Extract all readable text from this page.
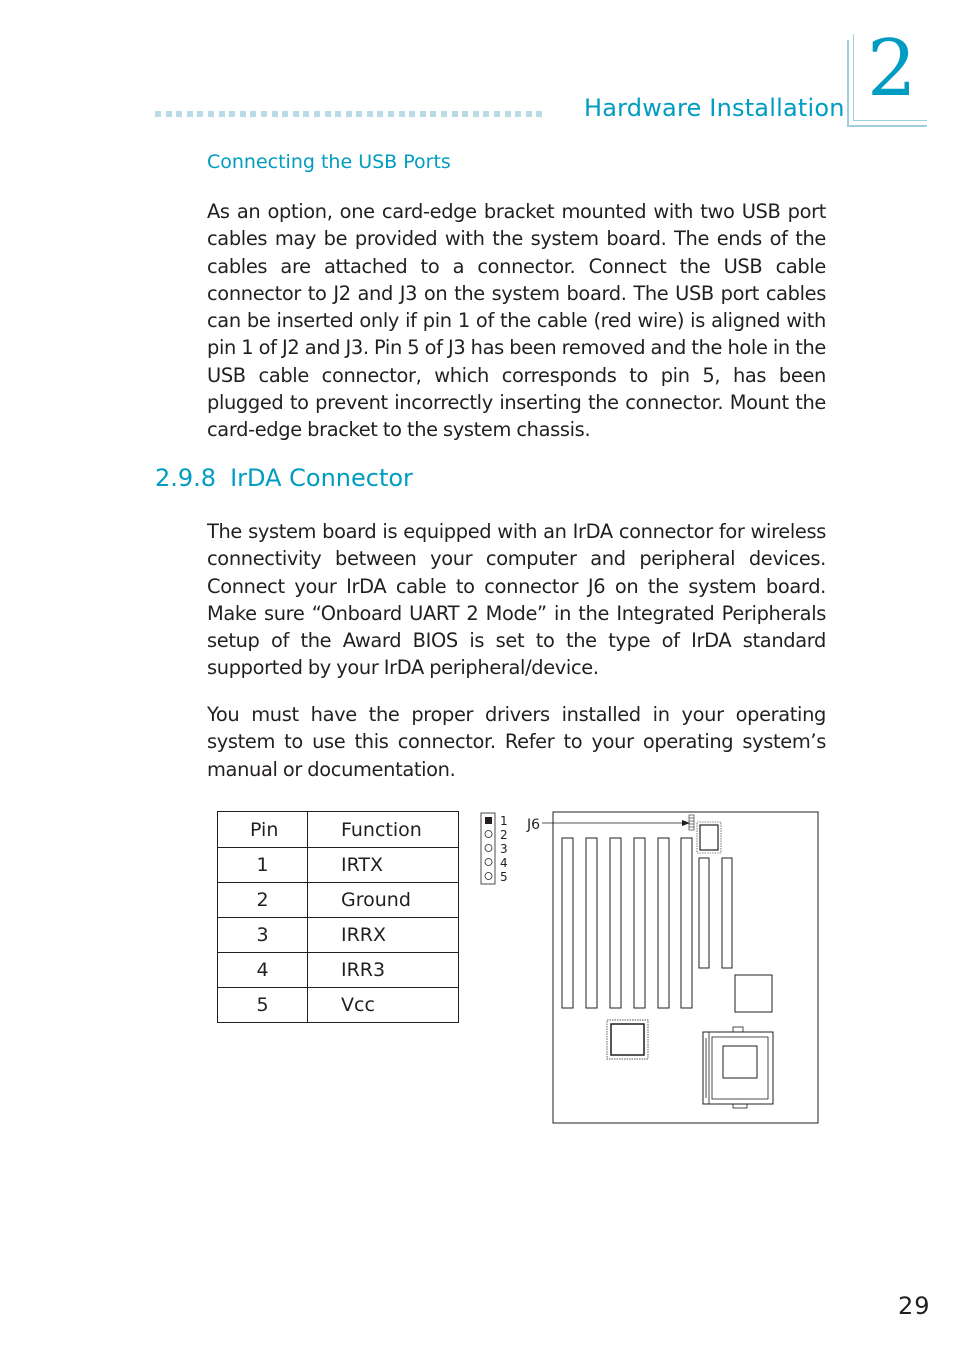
Hardware Installation 2
Connecting the USB Ports

As an option, one card-edge bracket mounted with two USB port cables may be provided with the system board. The ends of the cables are attached to a connector. Connect the USB cable connector to J2 and J3 on the system board. The USB port cables can be inserted only if pin 1 of the cable (red wire) is aligned with pin 1 of J2 and J3. Pin 5 of J3 has been removed and the hole in the USB cable connector, which corresponds to pin 5, has been plugged to prevent incorrectly inserting the connector. Mount the card-edge bracket to the system chassis.

2.9.8 IrDA Connector

The system board is equipped with an IrDA connector for wireless connectivity between your computer and peripheral devices. Connect your IrDA cable to connector J6 on the system board. Make sure “Onboard UART 2 Mode” in the Integrated Peripherals setup of the Award BIOS is set to the type of IrDA standard supported by your IrDA peripheral/device.

You must have the proper drivers installed in your operating system to use this connector. Refer to your operating system’s manual or documentation.

Pin	Function
1	IRTX
2	Ground
3	IRRX
4	IRR3
5	Vcc
1
2
3
4
5
J6
29
